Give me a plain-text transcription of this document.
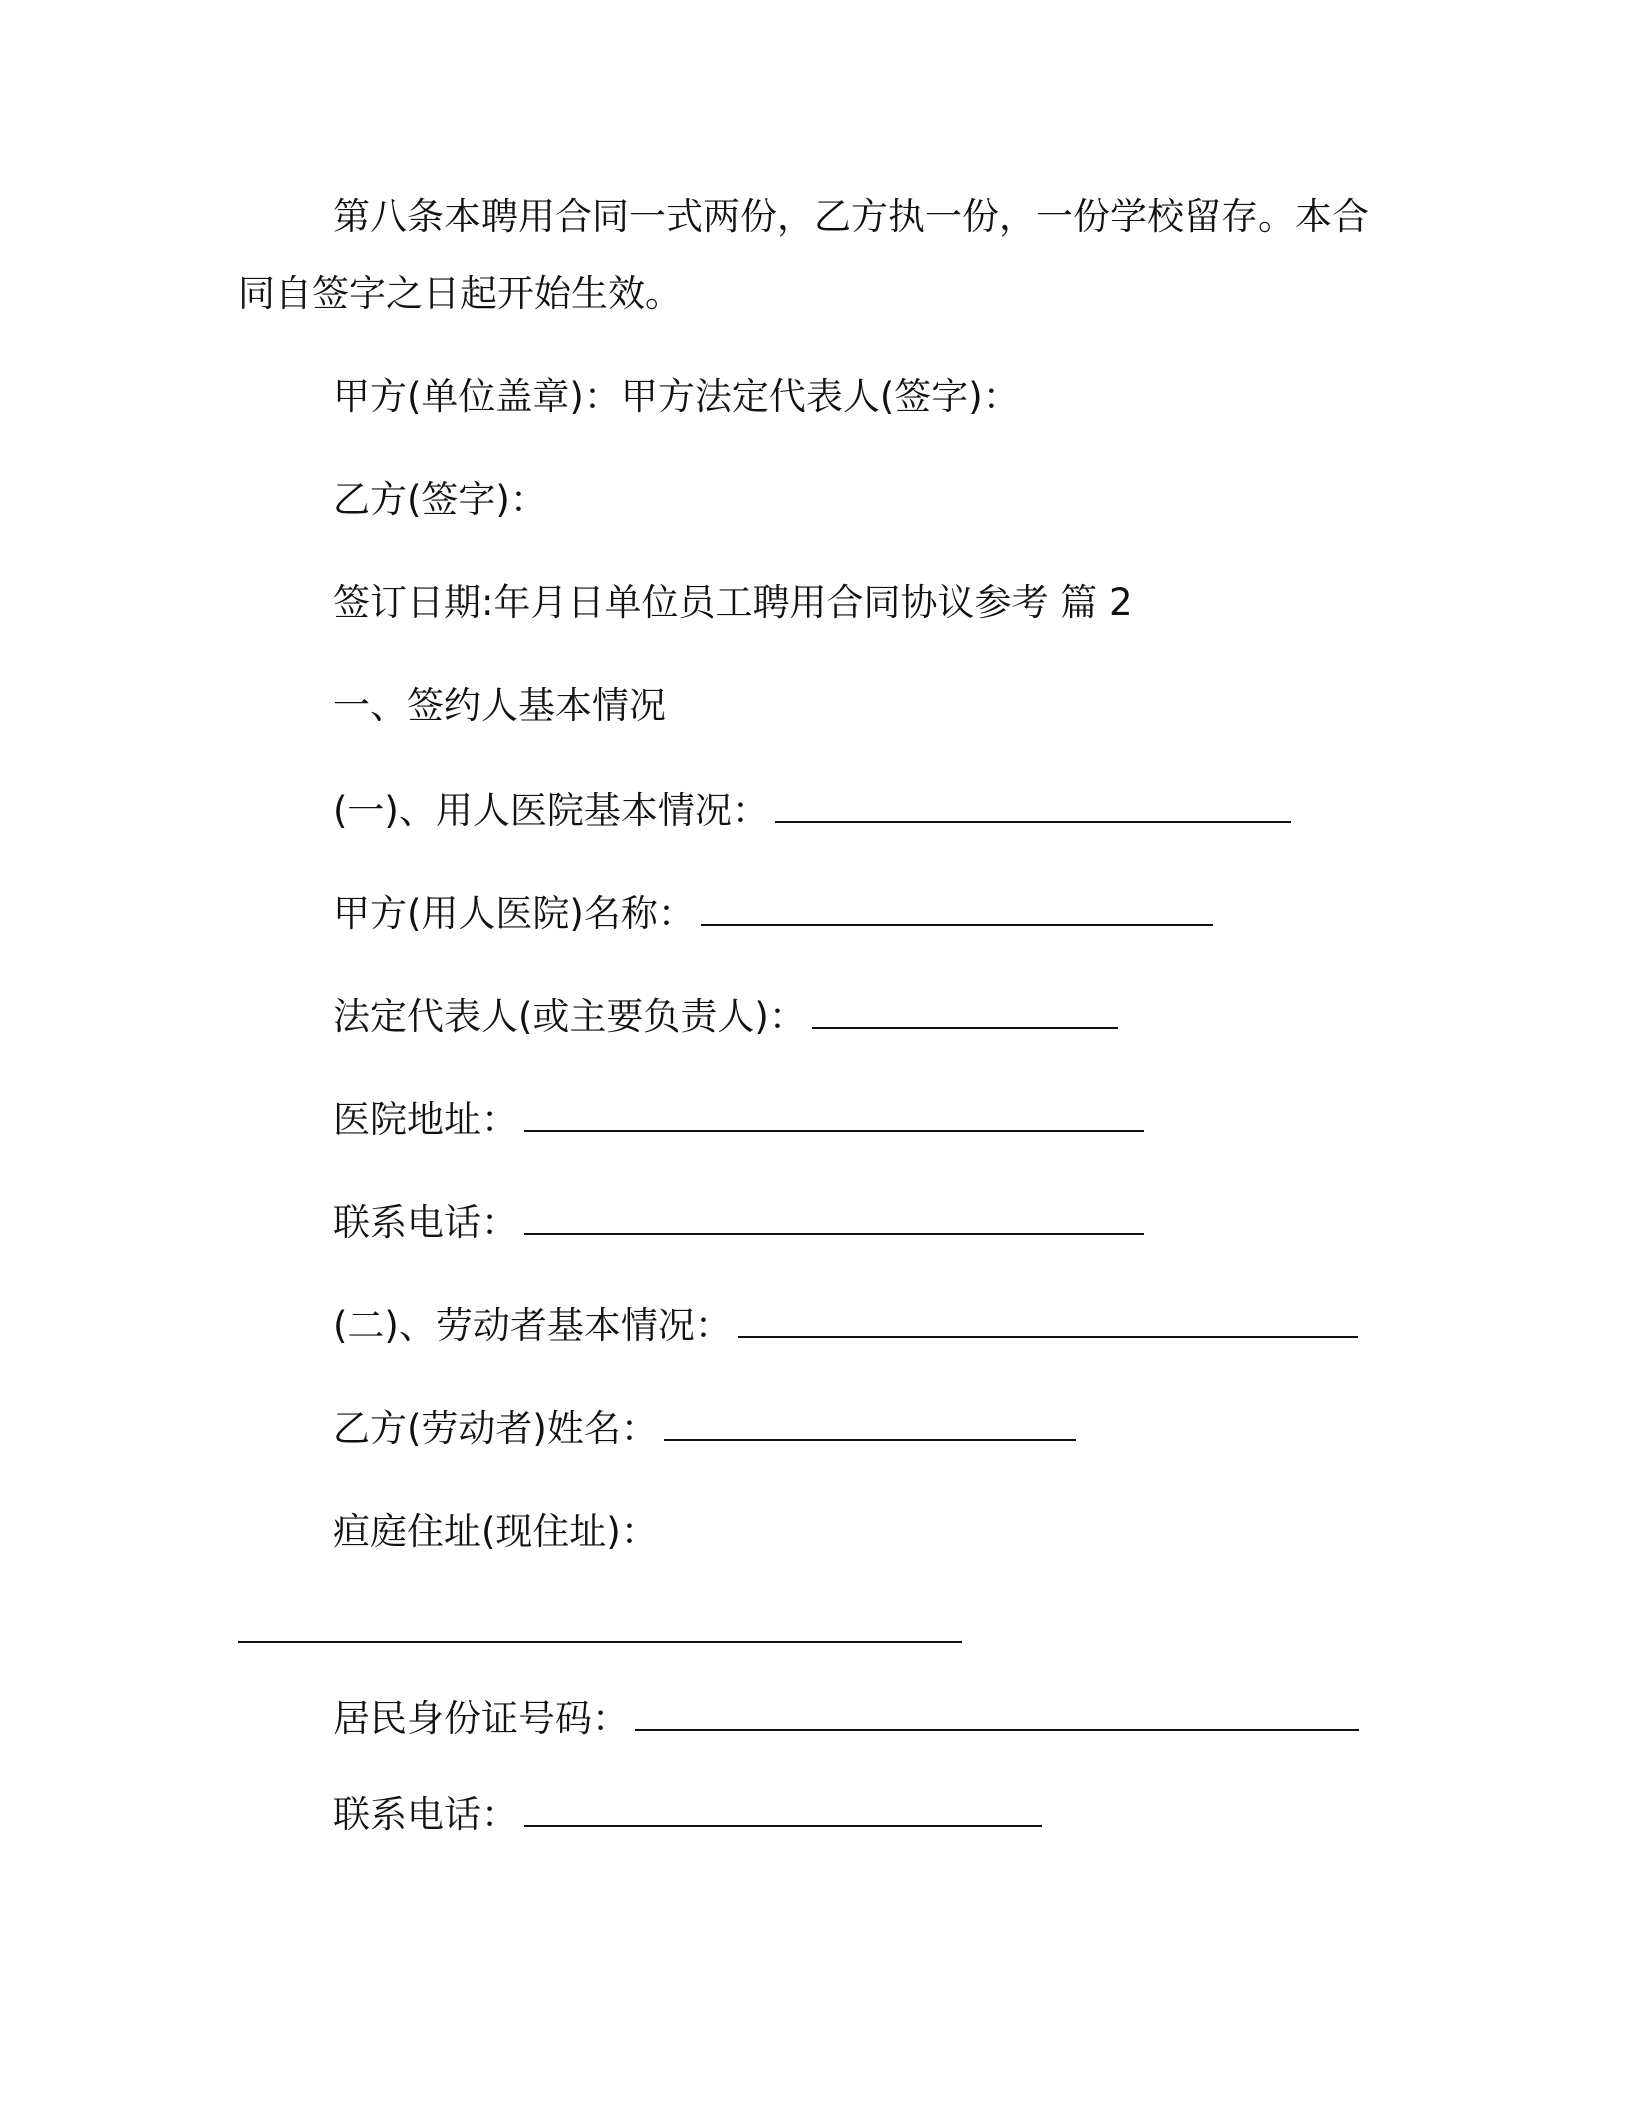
第八条本聘用合同一式两份，乙方执一份，一份学校留存。本合
同自签字之日起开始生效。
甲方(单位盖章)：甲方法定代表人(签字)：
乙方(签字)：
签订日期:年月日单位员工聘用合同协议参考 篇 2
一、签约人基本情况
(一)、用人医院基本情况：
甲方(用人医院)名称：
法定代表人(或主要负责人)：
医院地址：
联系电话：
(二)、劳动者基本情况：
乙方(劳动者)姓名：
疸庭住址(现住址)：
居民身份证号码：
联系电话：
